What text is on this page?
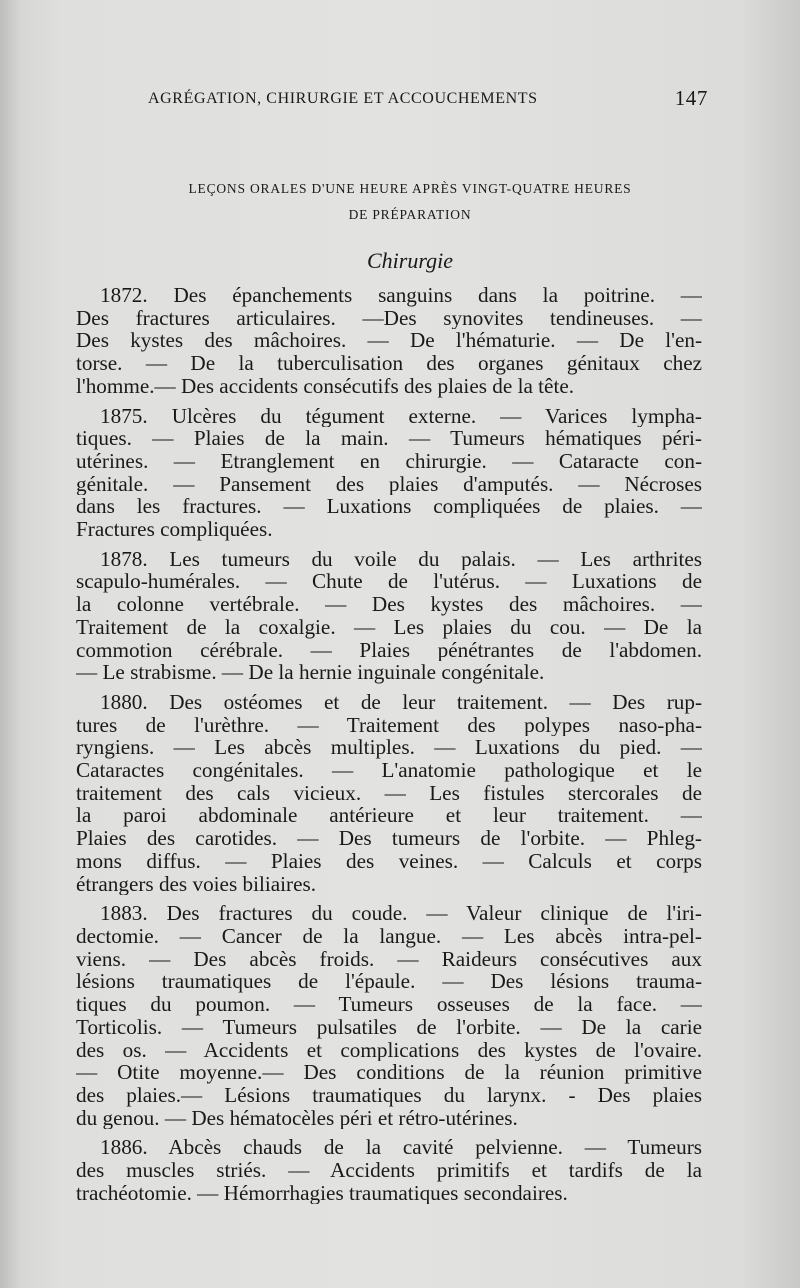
AGRÉGATION, CHIRURGIE ET ACCOUCHEMENTS	147
LEÇONS ORALES D'UNE HEURE APRÈS VINGT-QUATRE HEURES
DE PRÉPARATION
Chirurgie
1872. Des épanchements sanguins dans la poitrine. —
Des fractures articulaires. —Des synovites tendineuses. —
Des kystes des mâchoires. — De l'hématurie. — De l'en-
torse. — De la tuberculisation des organes génitaux chez
l'homme.— Des accidents consécutifs des plaies de la tête.
1875. Ulcères du tégument externe. — Varices lympha-
tiques. — Plaies de la main. — Tumeurs hématiques péri-
utérines. — Etranglement en chirurgie. — Cataracte con-
génitale. — Pansement des plaies d'amputés. — Nécroses
dans les fractures. — Luxations compliquées de plaies. —
Fractures compliquées.
1878. Les tumeurs du voile du palais. — Les arthrites
scapulo-humérales. — Chute de l'utérus. — Luxations de
la colonne vertébrale. — Des kystes des mâchoires. —
Traitement de la coxalgie. — Les plaies du cou. — De la
commotion cérébrale. — Plaies pénétrantes de l'abdomen.
— Le strabisme. — De la hernie inguinale congénitale.
1880. Des ostéomes et de leur traitement. — Des rup-
tures de l'urèthre. — Traitement des polypes naso-pha-
ryngiens. — Les abcès multiples. — Luxations du pied. —
Cataractes congénitales. — L'anatomie pathologique et le
traitement des cals vicieux. — Les fistules stercorales de
la paroi abdominale antérieure et leur traitement. —
Plaies des carotides. — Des tumeurs de l'orbite. — Phleg-
mons diffus. — Plaies des veines. — Calculs et corps
étrangers des voies biliaires.
1883. Des fractures du coude. — Valeur clinique de l'iri-
dectomie. — Cancer de la langue. — Les abcès intra-pel-
viens. — Des abcès froids. — Raideurs consécutives aux
lésions traumatiques de l'épaule. — Des lésions trauma-
tiques du poumon. — Tumeurs osseuses de la face. —
Torticolis. — Tumeurs pulsatiles de l'orbite. — De la carie
des os. — Accidents et complications des kystes de l'ovaire.
— Otite moyenne.— Des conditions de la réunion primitive
des plaies.— Lésions traumatiques du larynx. - Des plaies
du genou. — Des hématocèles péri et rétro-utérines.
1886. Abcès chauds de la cavité pelvienne. — Tumeurs
des muscles striés. — Accidents primitifs et tardifs de la
trachéotomie. — Hémorrhagies traumatiques secondaires.
